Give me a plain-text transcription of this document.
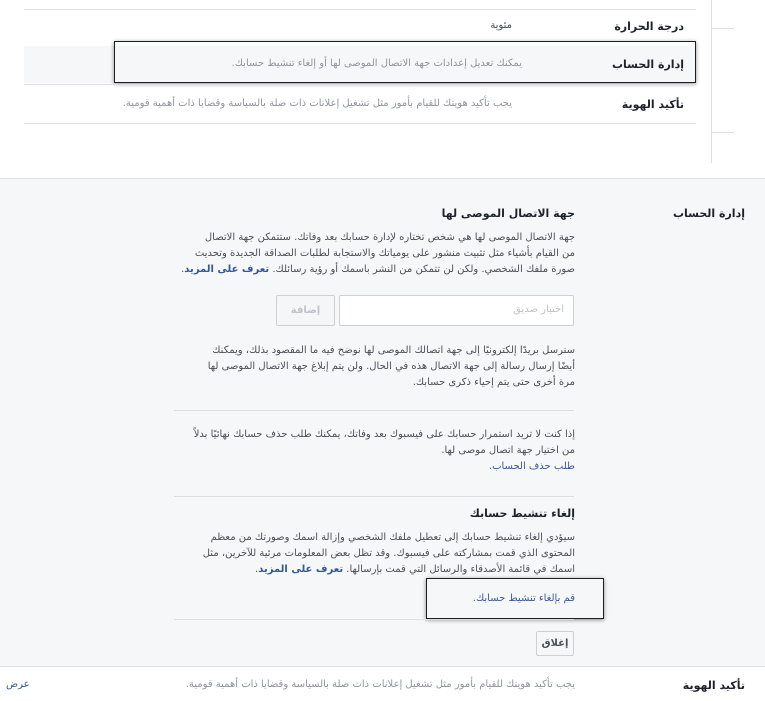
درجة الحرارة
مئوية
إدارة الحساب
يمكنك تعديل إعدادات جهة الاتصال الموصى لها أو إلغاء تنشيط حسابك.
تأكيد الهوية
يجب تأكيد هويتك للقيام بأمور مثل تشغيل إعلانات ذات صلة بالسياسة وقضايا ذات أهمية قومية.
إدارة الحساب
جهة الاتصال الموصى لها
جهة الاتصال الموصى لها هي شخص تختاره لإدارة حسابك بعد وفاتك. ستتمكن جهة الاتصال
من القيام بأشياء مثل تثبيت منشور على يومياتك والاستجابة لطلبات الصداقة الجديدة وتحديث
صورة ملفك الشخصي. ولكن لن تتمكن من النشر باسمك أو رؤية رسائلك. تعرف على المزيد.
اختيار صديق
إضافة
سنرسل بريدًا إلكترونيًا إلى جهة اتصالك الموصى لها نوضح فيه ما المقصود بذلك، ويمكنك
أيضًا إرسال رسالة إلى جهة الاتصال هذه في الحال. ولن يتم إبلاغ جهة الاتصال الموصى لها
مرة أخرى حتى يتم إحياء ذكرى حسابك.
إذا كنت لا تريد استمرار حسابك على فيسبوك بعد وفاتك، يمكنك طلب حذف حسابك نهائيًا بدلاً
من اختيار جهة اتصال موصى لها.
طلب حذف الحساب.
إلغاء تنشيط حسابك
سيؤدي إلغاء تنشيط حسابك إلى تعطيل ملفك الشخصي وإزالة اسمك وصورتك من معظم
المحتوى الذي قمت بمشاركته على فيسبوك. وقد تظل بعض المعلومات مرئية للآخرين، مثل
اسمك في قائمة الأصدقاء والرسائل التي قمت بإرسالها. تعرف على المزيد.
قم بإلغاء تنشيط حسابك.
إغلاق
تأكيد الهوية
يجب تأكيد هويتك للقيام بأمور مثل تشغيل إعلانات ذات صلة بالسياسة وقضايا ذات أهمية قومية.
عرض
